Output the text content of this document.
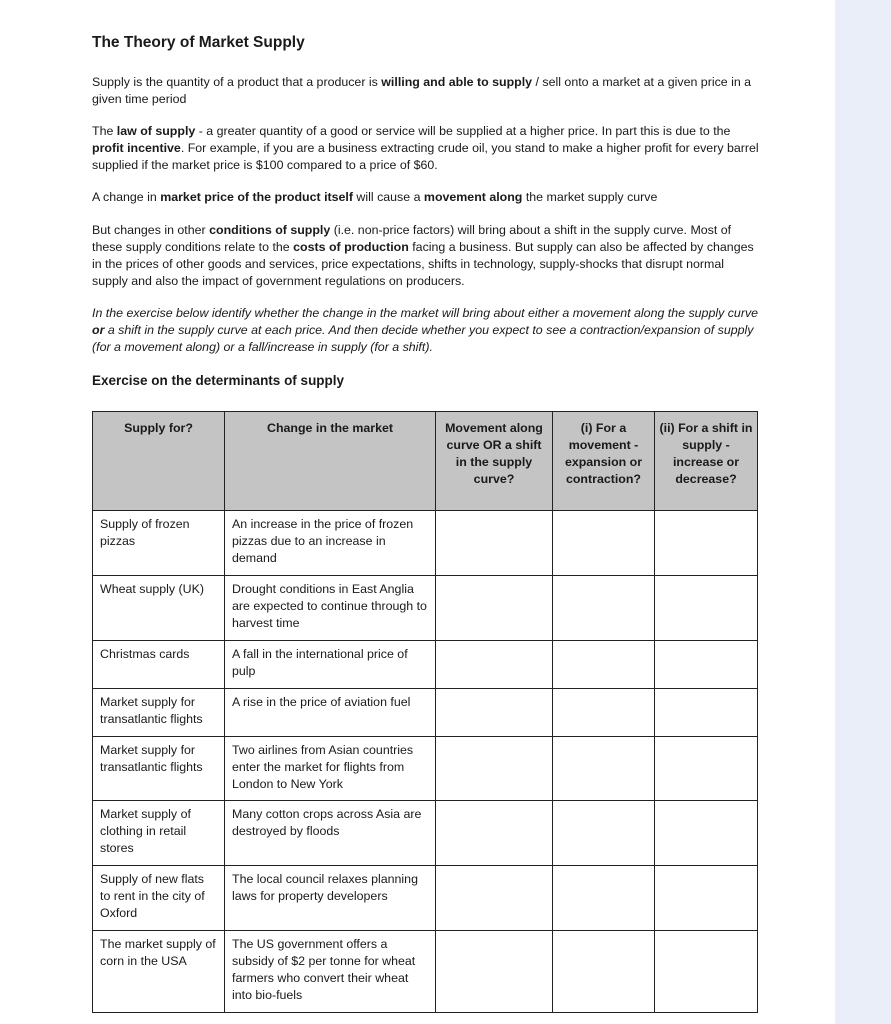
The Theory of Market Supply

Supply is the quantity of a product that a producer is willing and able to supply / sell onto a market at a given price in a given time period

The law of supply - a greater quantity of a good or service will be supplied at a higher price. In part this is due to the profit incentive. For example, if you are a business extracting crude oil, you stand to make a higher profit for every barrel supplied if the market price is $100 compared to a price of $60.

A change in market price of the product itself will cause a movement along the market supply curve

But changes in other conditions of supply (i.e. non-price factors) will bring about a shift in the supply curve. Most of these supply conditions relate to the costs of production facing a business. But supply can also be affected by changes in the prices of other goods and services, price expectations, shifts in technology, supply-shocks that disrupt normal supply and also the impact of government regulations on producers.

In the exercise below identify whether the change in the market will bring about either a movement along the supply curve or a shift in the supply curve at each price. And then decide whether you expect to see a contraction/expansion of supply (for a movement along) or a fall/increase in supply (for a shift).

Exercise on the determinants of supply
Supply for?	Change in the market	Movement along curve OR a shift in the supply curve?	(i) For a movement - expansion or contraction?	(ii) For a shift in supply - increase or decrease?
Supply of frozen pizzas	An increase in the price of frozen pizzas due to an increase in demand			
Wheat supply (UK)	Drought conditions in East Anglia are expected to continue through to harvest time			
Christmas cards	A fall in the international price of pulp			
Market supply for transatlantic flights	A rise in the price of aviation fuel			
Market supply for transatlantic flights	Two airlines from Asian countries enter the market for flights from London to New York			
Market supply of clothing in retail stores	Many cotton crops across Asia are destroyed by floods			
Supply of new flats to rent in the city of Oxford	The local council relaxes planning laws for property developers			
The market supply of corn in the USA	The US government offers a subsidy of $2 per tonne for wheat farmers who convert their wheat into bio-fuels			
